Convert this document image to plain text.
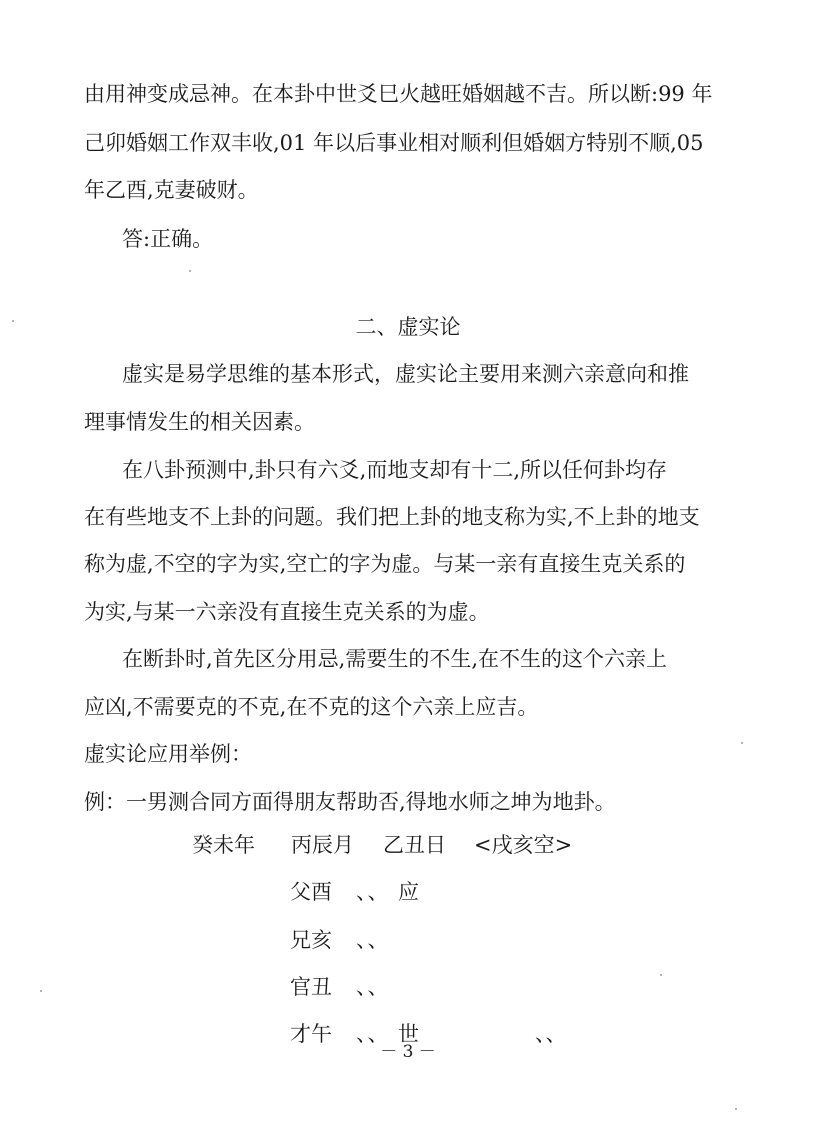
由用神变成忌神。在本卦中世爻巳火越旺婚姻越不吉。所以断:99 年
己卯婚姻工作双丰收,01 年以后事业相对顺利但婚姻方特别不顺,05
年乙酉,克妻破财。
答:正确。
二、虚实论
虚实是易学思维的基本形式，虚实论主要用来测六亲意向和推
理事情发生的相关因素。
在八卦预测中,卦只有六爻,而地支却有十二,所以任何卦均存
在有些地支不上卦的问题。我们把上卦的地支称为实,不上卦的地支
称为虚,不空的字为实,空亡的字为虚。与某一亲有直接生克关系的
为实,与某一六亲没有直接生克关系的为虚。
在断卦时,首先区分用忌,需要生的不生,在不生的这个六亲上
应凶,不需要克的不克,在不克的这个六亲上应吉。
虚实论应用举例：
例：一男测合同方面得朋友帮助否,得地水师之坤为地卦。
癸未年 丙辰月 乙丑日 <戌亥空>
父酉 、、 应
兄亥 、、
官丑 、、
才午 、、 世	、、
－ 3 －
